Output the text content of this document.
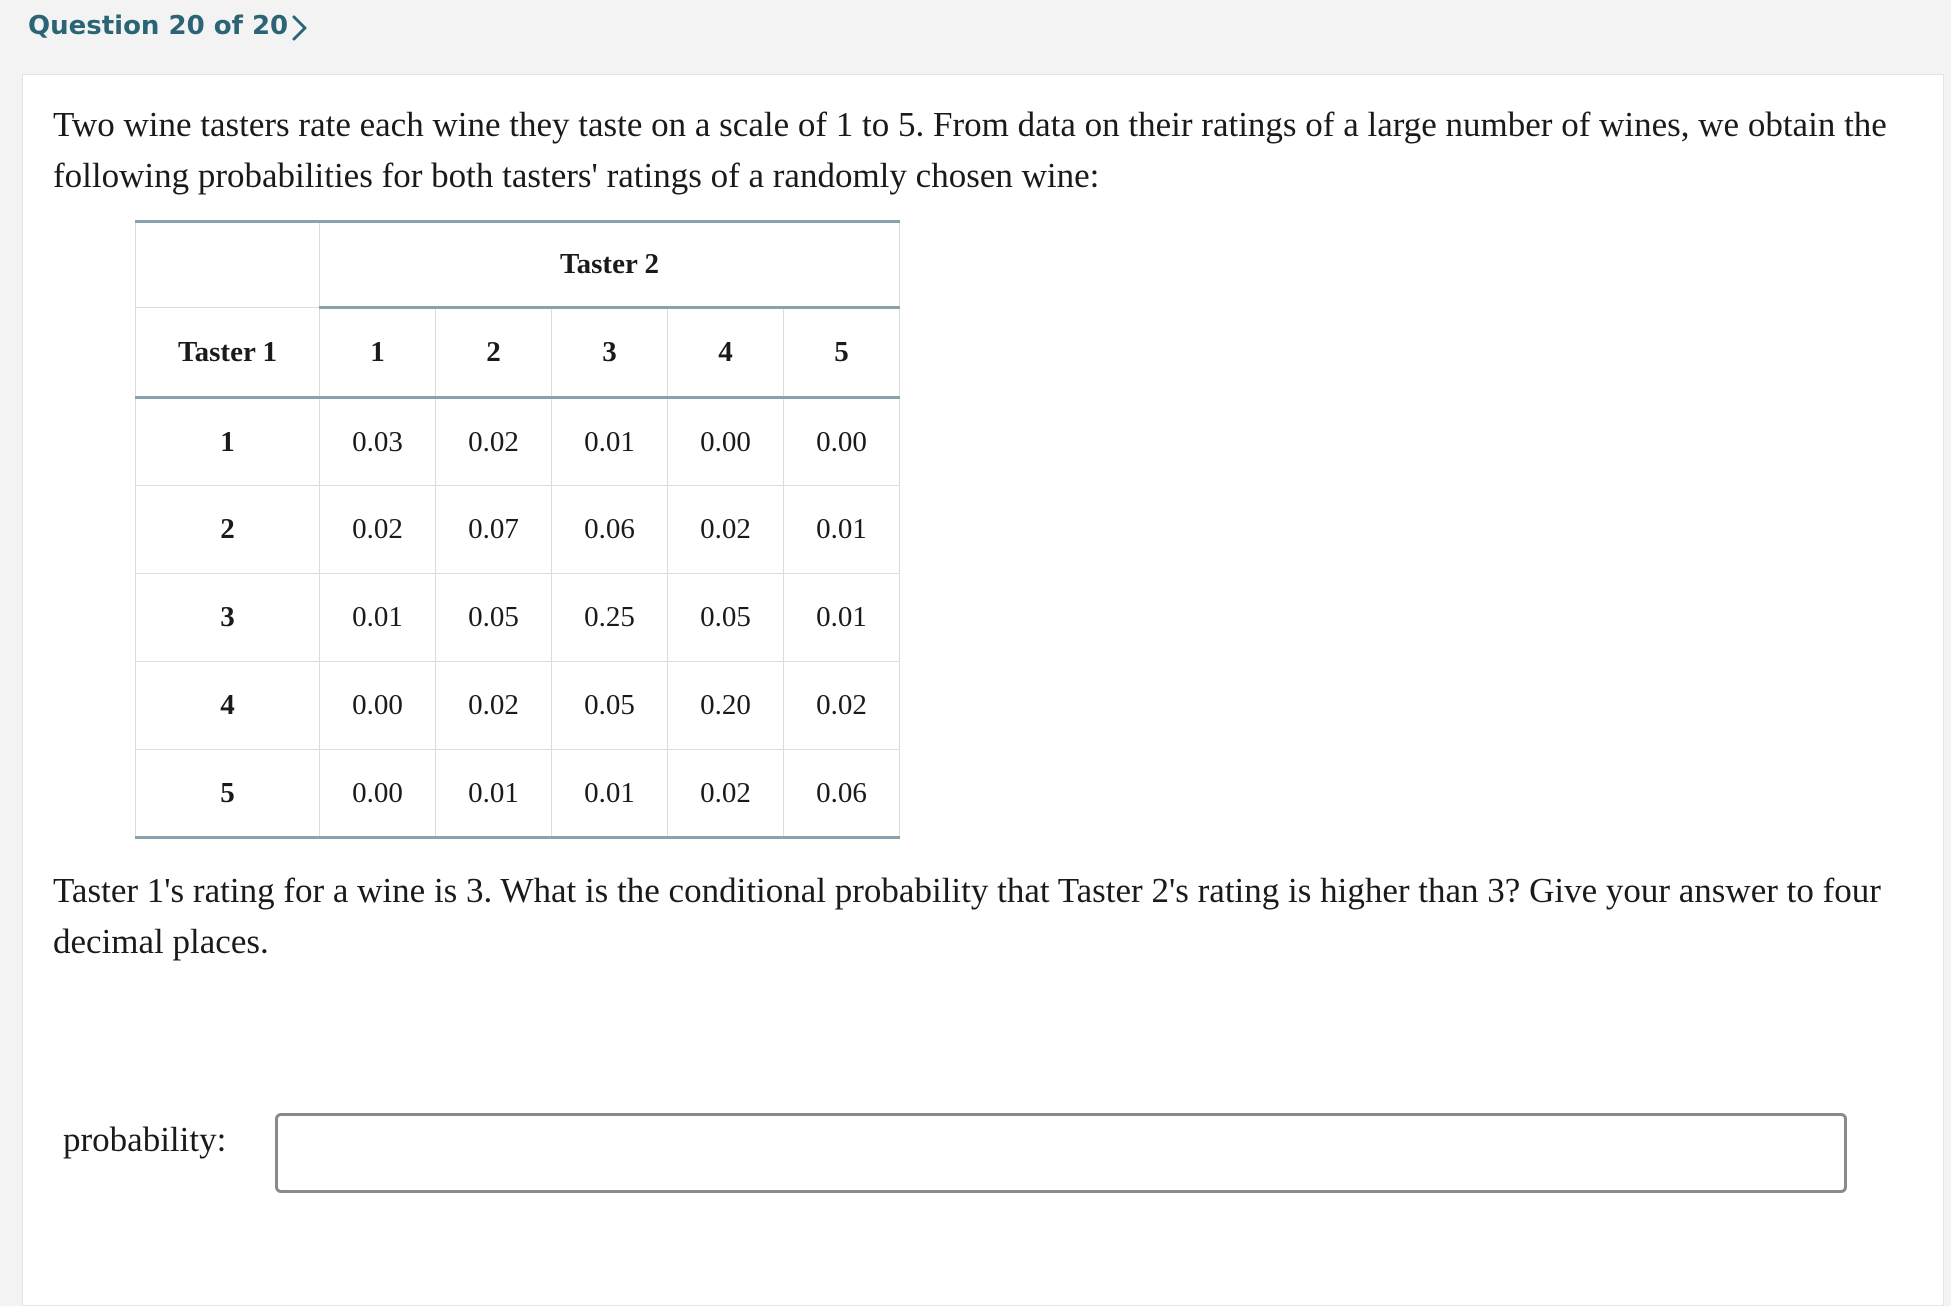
Question 20 of 20
Two wine tasters rate each wine they taste on a scale of 1 to 5. From data on their ratings of a large number of wines, we obtain the following probabilities for both tasters' ratings of a randomly chosen wine:
	Taster 2				
Taster 1	1	2	3	4	5
1	0.03	0.02	0.01	0.00	0.00
2	0.02	0.07	0.06	0.02	0.01
3	0.01	0.05	0.25	0.05	0.01
4	0.00	0.02	0.05	0.20	0.02
5	0.00	0.01	0.01	0.02	0.06
Taster 1's rating for a wine is 3. What is the conditional probability that Taster 2's rating is higher than 3? Give your answer to four decimal places.
probability:
